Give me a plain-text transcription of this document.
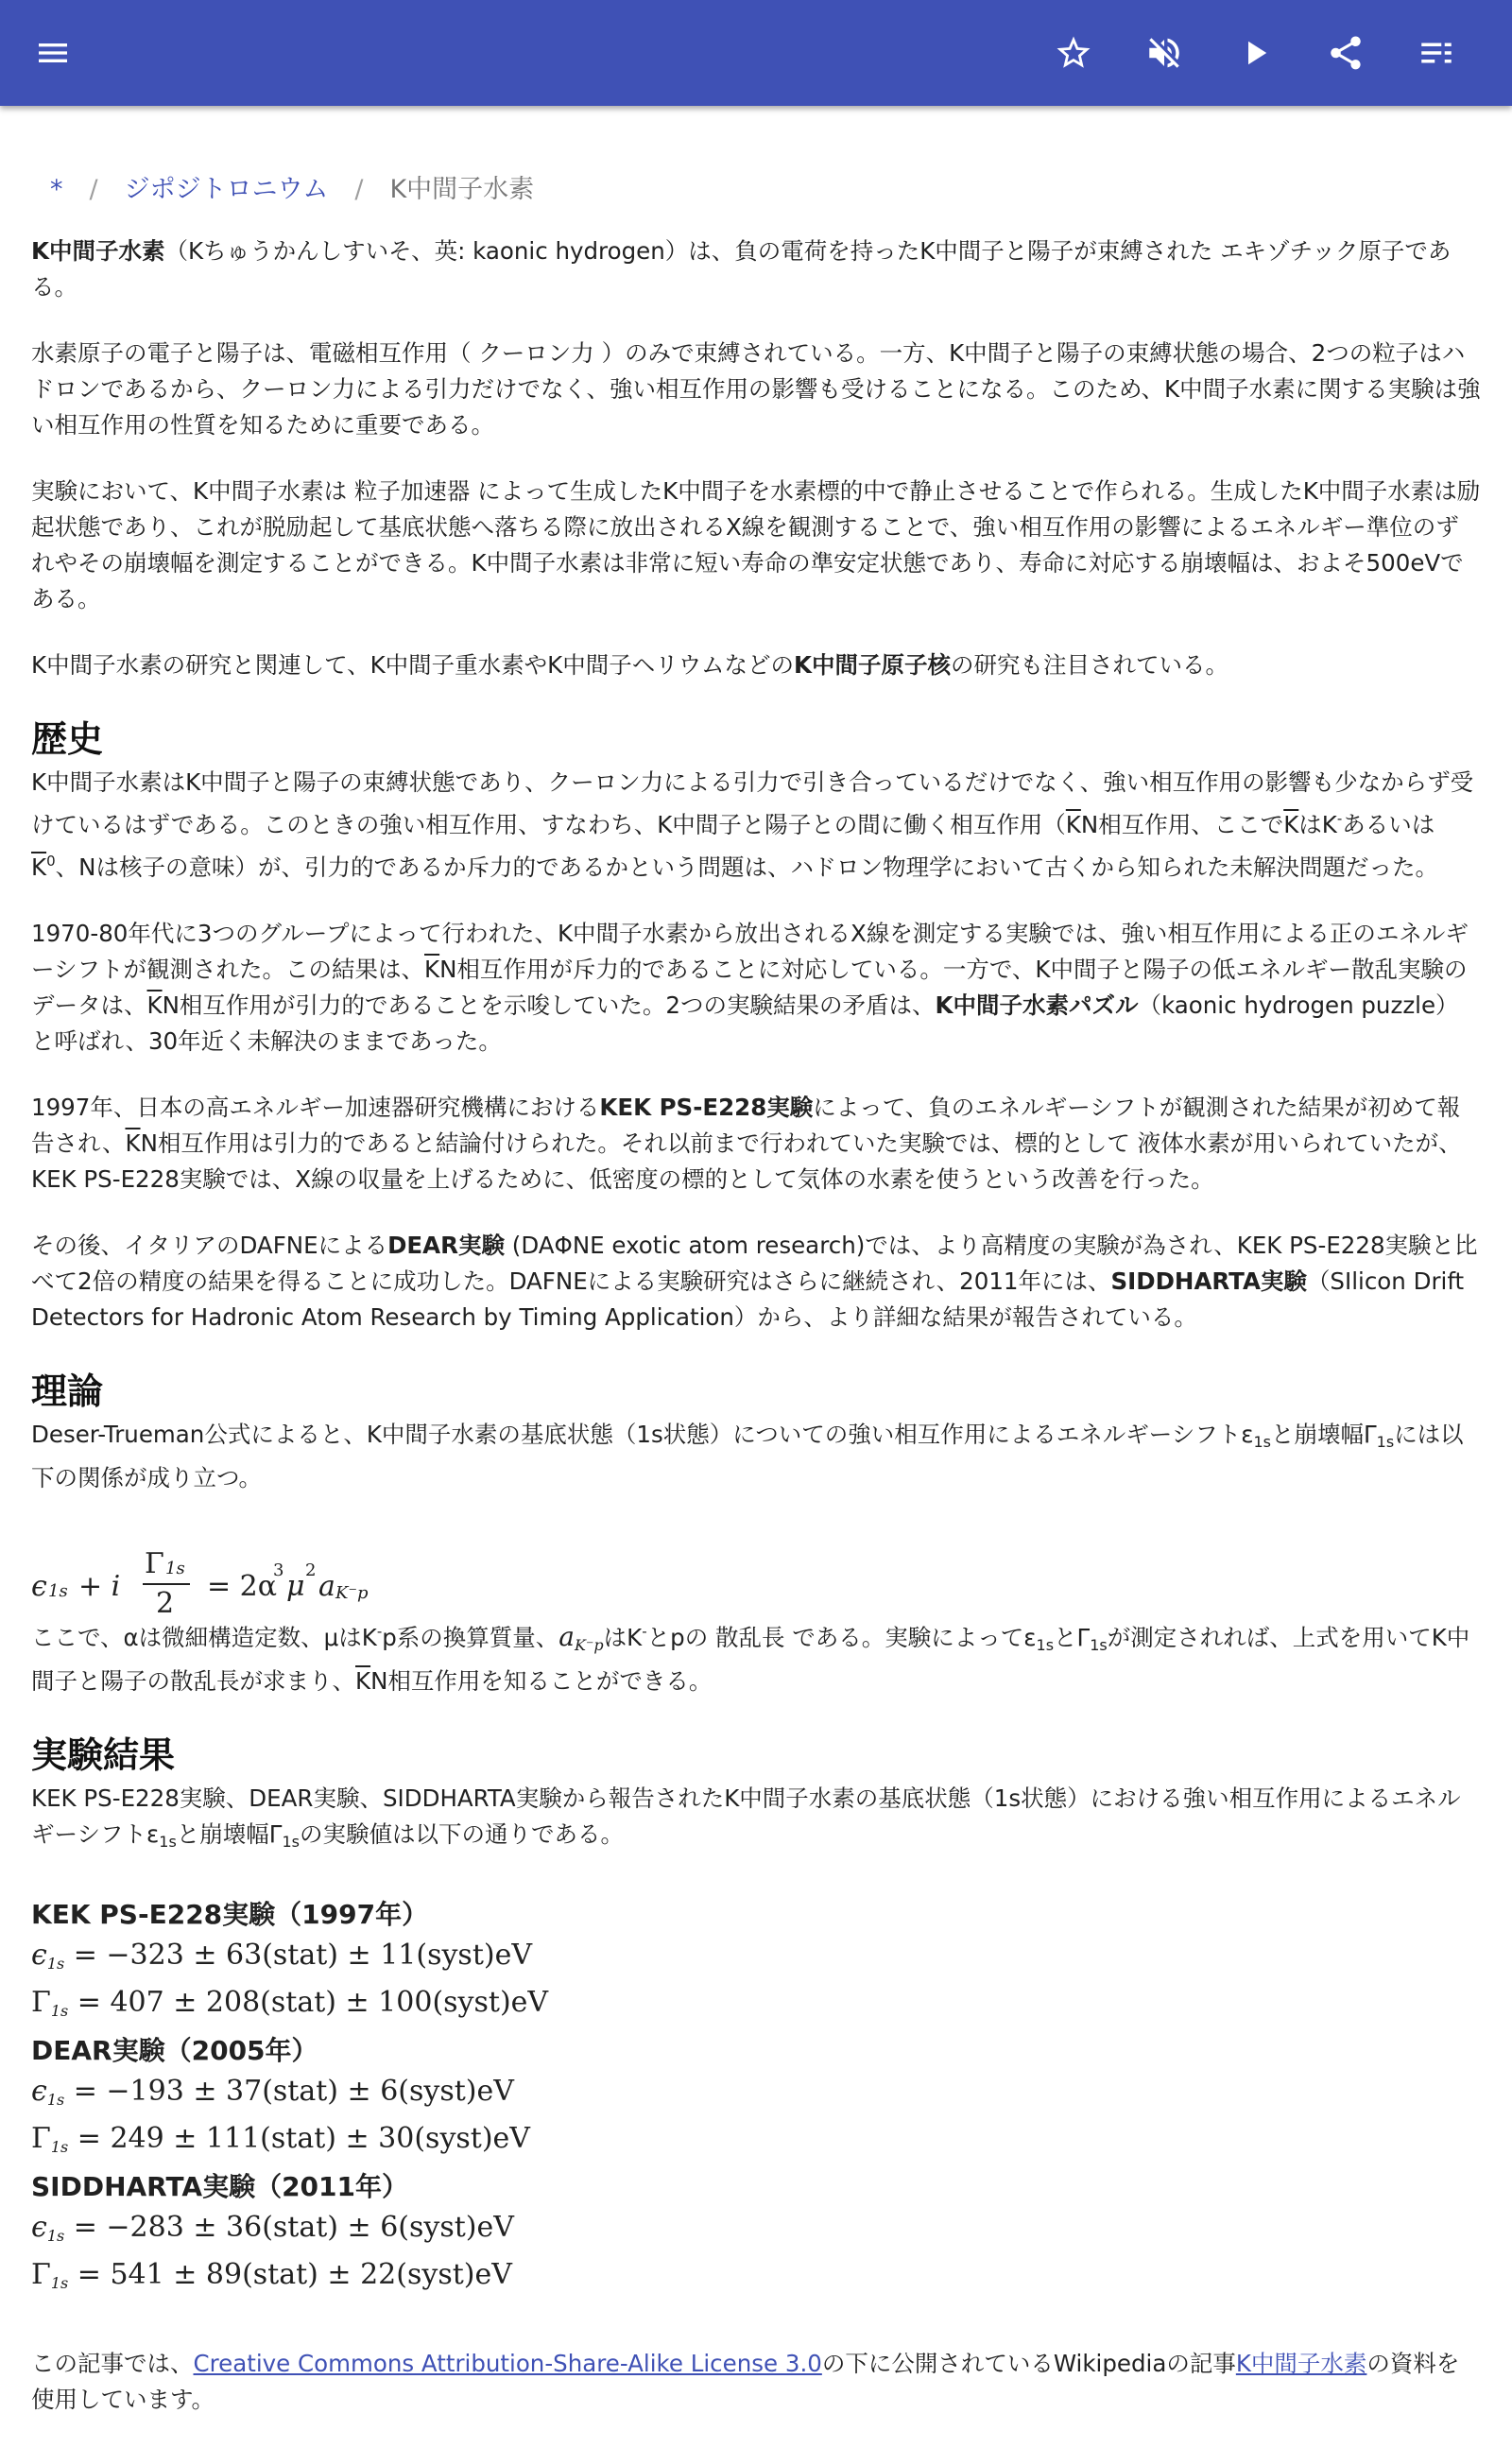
* / ジポジトロニウム / K中間子水素

K中間子水素（Kちゅうかんしすいそ、英: kaonic hydrogen）は、負の電荷を持ったK中間子と陽子が束縛された エキゾチック原子である。

水素原子の電子と陽子は、電磁相互作用（ クーロン力 ）のみで束縛されている。一方、K中間子と陽子の束縛状態の場合、2つの粒子はハドロンであるから、クーロン力による引力だけでなく、強い相互作用の影響も受けることになる。このため、K中間子水素に関する実験は強い相互作用の性質を知るために重要である。

実験において、K中間子水素は 粒子加速器 によって生成したK中間子を水素標的中で静止させることで作られる。生成したK中間子水素は励起状態であり、これが脱励起して基底状態へ落ちる際に放出されるX線を観測することで、強い相互作用の影響によるエネルギー準位のずれやその崩壊幅を測定することができる。K中間子水素は非常に短い寿命の準安定状態であり、寿命に対応する崩壊幅は、およそ500eVである。

K中間子水素の研究と関連して、K中間子重水素やK中間子ヘリウムなどのK中間子原子核の研究も注目されている。

歴史

K中間子水素はK中間子と陽子の束縛状態であり、クーロン力による引力で引き合っているだけでなく、強い相互作用の影響も少なからず受けているはずである。このときの強い相互作用、すなわち、K中間子と陽子との間に働く相互作用（$\overline{K}N$相互作用、ここで$\overline{K}$はK-あるいは$\overline{K}^0$、Nは核子の意味）が、引力的であるか斥力的であるかという問題は、ハドロン物理学において古くから知られた未解決問題だった。

1970-80年代に3つのグループによって行われた、K中間子水素から放出されるX線を測定する実験では、強い相互作用による正のエネルギーシフトが観測された。この結果は、$\overline{K}N$相互作用が斥力的であることに対応している。一方で、K中間子と陽子の低エネルギー散乱実験のデータは、$\overline{K}N$相互作用が引力的であることを示唆していた。2つの実験結果の矛盾は、K中間子水素パズル（kaonic hydrogen puzzle）と呼ばれ、30年近く未解決のままであった。

1997年、日本の高エネルギー加速器研究機構におけるKEK PS-E228実験によって、負のエネルギーシフトが観測された結果が初めて報告され、$\overline{K}N$相互作用は引力的であると結論付けられた。それ以前まで行われていた実験では、標的として 液体水素が用いられていたが、KEK PS-E228実験では、X線の収量を上げるために、低密度の標的として気体の水素を使うという改善を行った。

その後、イタリアのDAFNEによるDEAR実験 (DAΦNE exotic atom research)では、より高精度の実験が為され、KEK PS-E228実験と比べて2倍の精度の結果を得ることに成功した。DAFNEによる実験研究はさらに継続され、2011年には、SIDDHARTA実験（SIlicon Drift Detectors for Hadronic Atom Research by Timing Application）から、より詳細な結果が報告されている。

理論

Deser-Trueman公式によると、K中間子水素の基底状態（1s状態）についての強い相互作用によるエネルギーシフト$\varepsilon_{1s}$と崩壊幅$\Gamma_{1s}$には以下の関係が成り立つ。

ϵ 1s + i
Γ 1s
2
= 2α
3 μ 2 a K⁻p

ここで、αは微細構造定数、μはK-p系の換算質量、$a_{K^-p}$はK-とpの 散乱長 である。実験によって$\varepsilon_{1s}$と$\Gamma_{1s}$が測定されれば、上式を用いてK中間子と陽子の散乱長が求まり、$\overline{K}N$相互作用を知ることができる。

実験結果

KEK PS-E228実験、DEAR実験、SIDDHARTA実験から報告されたK中間子水素の基底状態（1s状態）における強い相互作用によるエネルギーシフト$\varepsilon_{1s}$と崩壊幅$\Gamma_{1s}$の実験値は以下の通りである。

KEK PS-E228実験（1997年）
$\epsilon_{1s} = -323$ ± 63(stat) ± 11(syst)eV
$\Gamma_{1s} = 407$ ± 208(stat) ± 100(syst)eV
DEAR実験（2005年）
$\epsilon_{1s} = -193$ ± 37(stat) ± 6(syst)eV
$\Gamma_{1s} = 249$ ± 111(stat) ± 30(syst)eV
SIDDHARTA実験（2011年）
$\epsilon_{1s} = -283$ ± 36(stat) ± 6(syst)eV
$\Gamma_{1s} = 541$ ± 89(stat) ± 22(syst)eV

この記事では、Creative Commons Attribution-Share-Alike License 3.0の下に公開されているWikipediaの記事K中間子水素の資料を使用しています。
